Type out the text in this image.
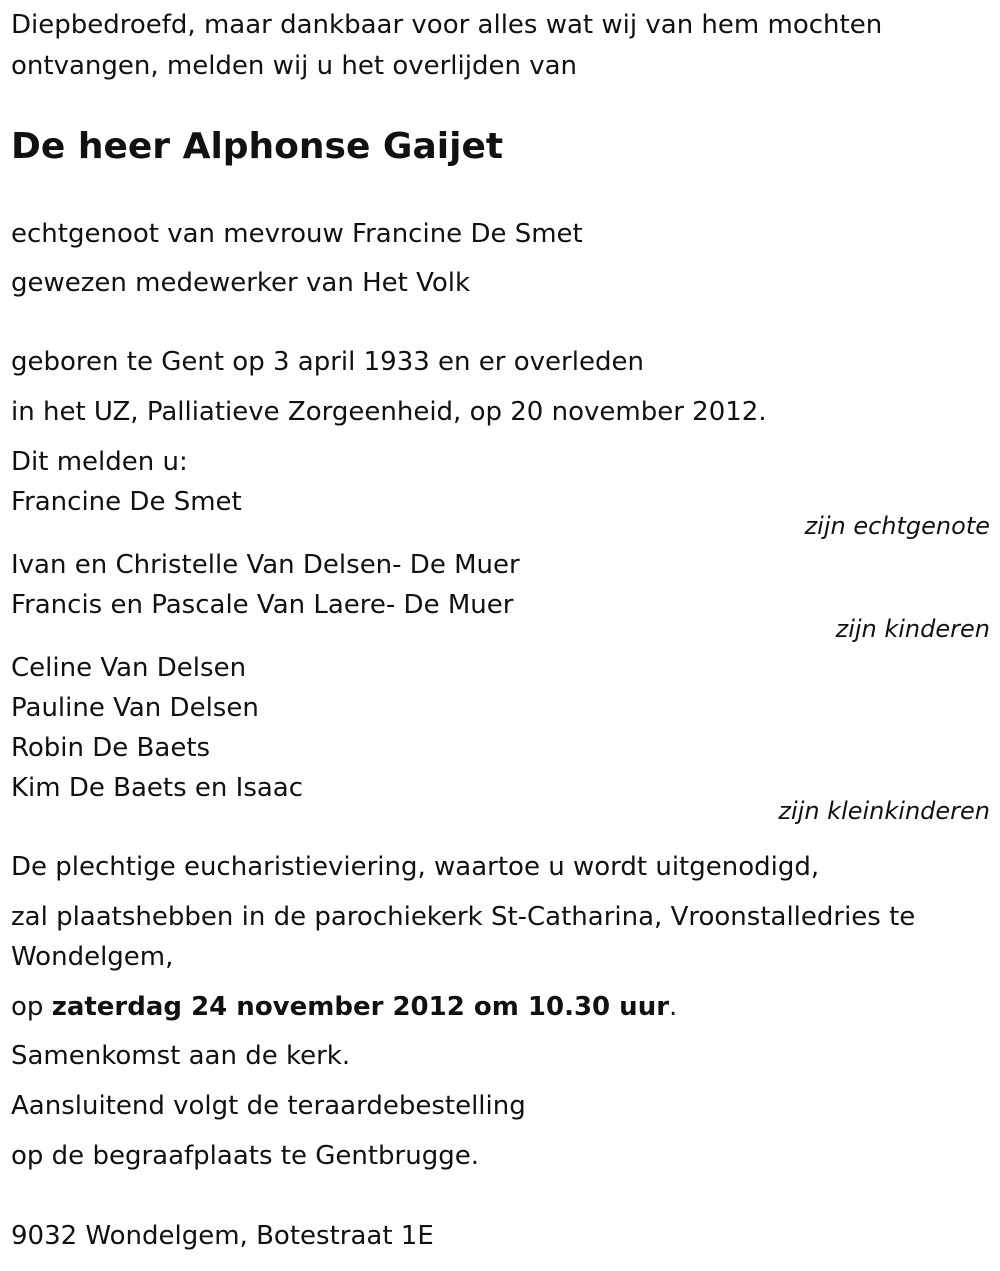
Diepbedroefd, maar dankbaar voor alles wat wij van hem mochten
ontvangen, melden wij u het overlijden van
De heer Alphonse Gaijet
echtgenoot van mevrouw Francine De Smet
gewezen medewerker van Het Volk
geboren te Gent op 3 april 1933 en er overleden
in het UZ, Palliatieve Zorgeenheid, op 20 november 2012.
Dit melden u:
Francine De Smet
zijn echtgenote
Ivan en Christelle Van Delsen- De Muer
Francis en Pascale Van Laere- De Muer
zijn kinderen
Celine Van Delsen
Pauline Van Delsen
Robin De Baets
Kim De Baets en Isaac
zijn kleinkinderen
De plechtige eucharistieviering, waartoe u wordt uitgenodigd,
zal plaatshebben in de parochiekerk St-Catharina, Vroonstalledries te
Wondelgem,
op zaterdag 24 november 2012 om 10.30 uur.
Samenkomst aan de kerk.
Aansluitend volgt de teraardebestelling
op de begraafplaats te Gentbrugge.
9032 Wondelgem, Botestraat 1E
